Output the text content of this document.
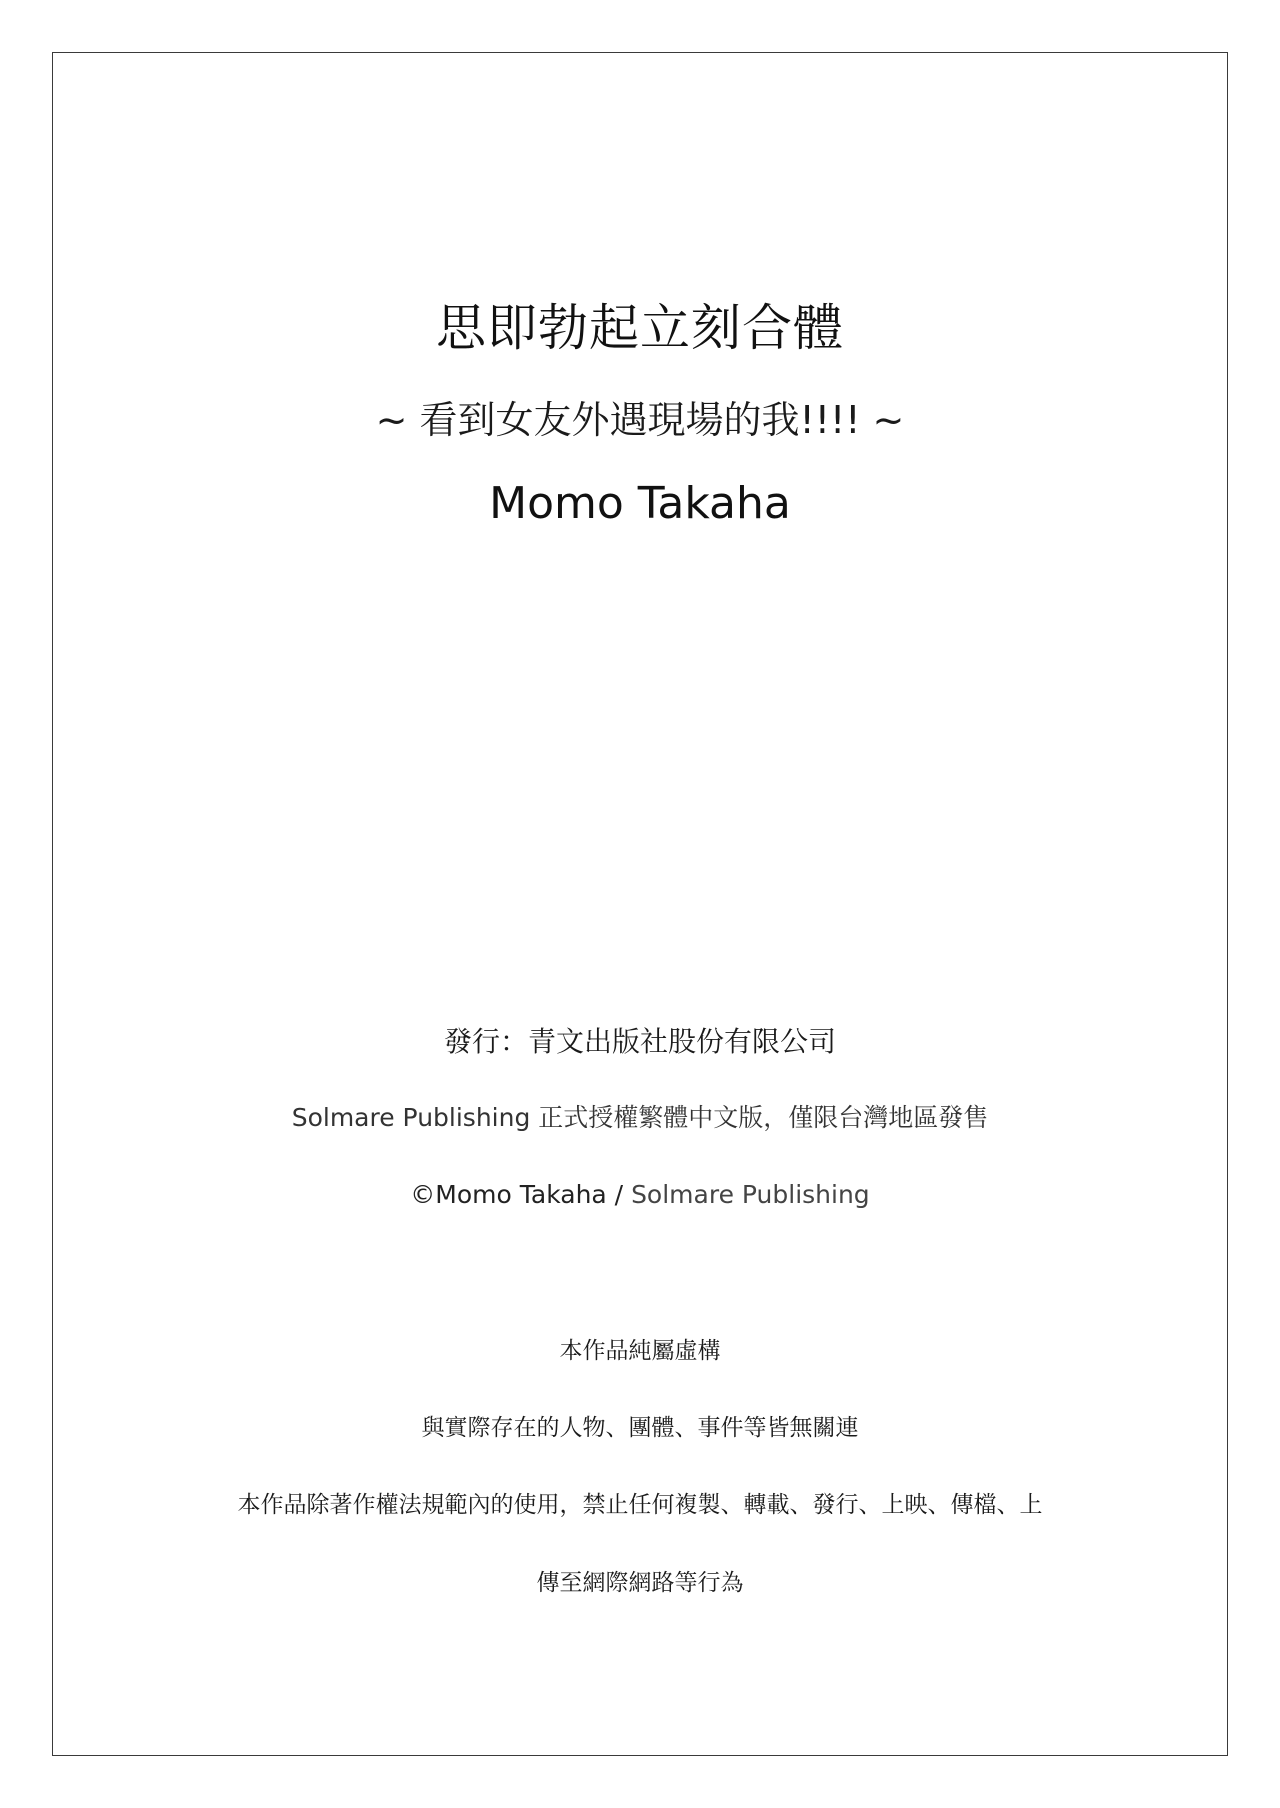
思即勃起立刻合體
~ 看到女友外遇現場的我!!!! ~
Momo Takaha
發行：青文出版社股份有限公司
Solmare Publishing 正式授權繁體中文版，僅限台灣地區發售
©Momo Takaha / Solmare Publishing
本作品純屬虛構
與實際存在的人物、團體、事件等皆無關連
本作品除著作權法規範內的使用，禁止任何複製、轉載、發行、上映、傳檔、上
傳至網際網路等行為
